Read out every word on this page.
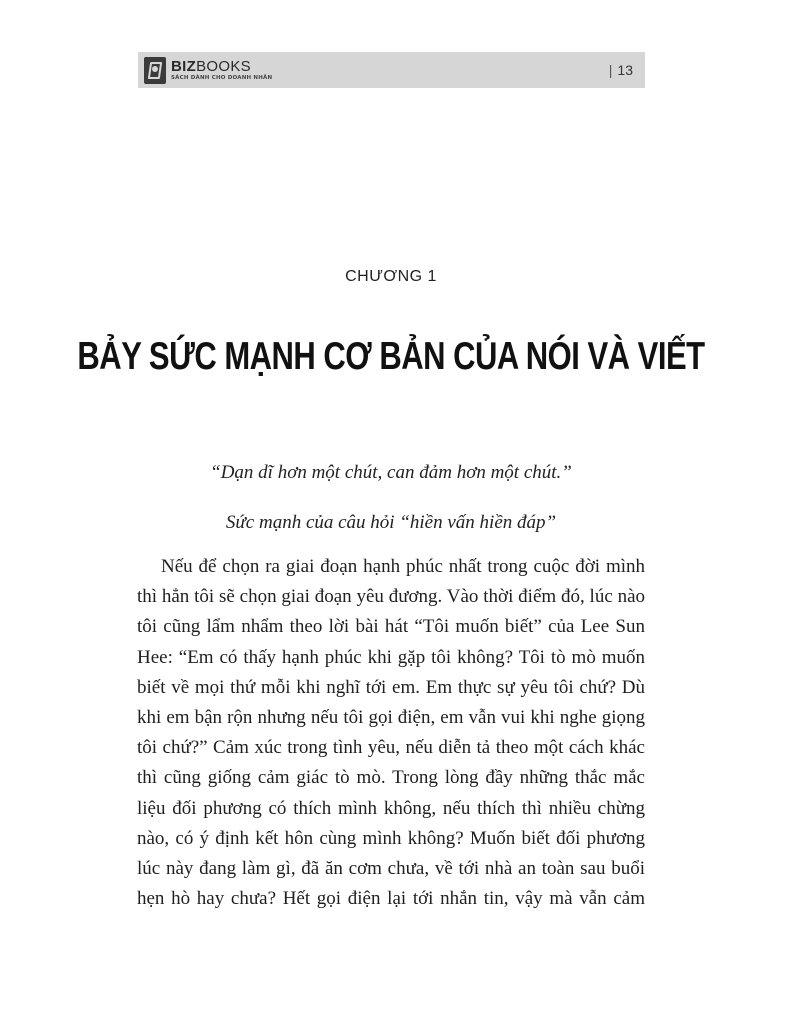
BIZBOOKS
SÁCH DÀNH CHO DOANH NHÂN	| 13
CHƯƠNG 1
BẢY SỨC MẠNH CƠ BẢN CỦA NÓI VÀ VIẾT
“Dạn dĩ hơn một chút, can đảm hơn một chút.”
Sức mạnh của câu hỏi “hiền vấn hiền đáp”
Nếu để chọn ra giai đoạn hạnh phúc nhất trong cuộc đời mình
thì hẳn tôi sẽ chọn giai đoạn yêu đương. Vào thời điểm đó, lúc nào
tôi cũng lẩm nhẩm theo lời bài hát “Tôi muốn biết” của Lee Sun
Hee: “Em có thấy hạnh phúc khi gặp tôi không? Tôi tò mò muốn
biết về mọi thứ mỗi khi nghĩ tới em. Em thực sự yêu tôi chứ? Dù
khi em bận rộn nhưng nếu tôi gọi điện, em vẫn vui khi nghe giọng
tôi chứ?” Cảm xúc trong tình yêu, nếu diễn tả theo một cách khác
thì cũng giống cảm giác tò mò. Trong lòng đầy những thắc mắc
liệu đối phương có thích mình không, nếu thích thì nhiều chừng
nào, có ý định kết hôn cùng mình không? Muốn biết đối phương
lúc này đang làm gì, đã ăn cơm chưa, về tới nhà an toàn sau buổi
hẹn hò hay chưa? Hết gọi điện lại tới nhắn tin, vậy mà vẫn cảm
